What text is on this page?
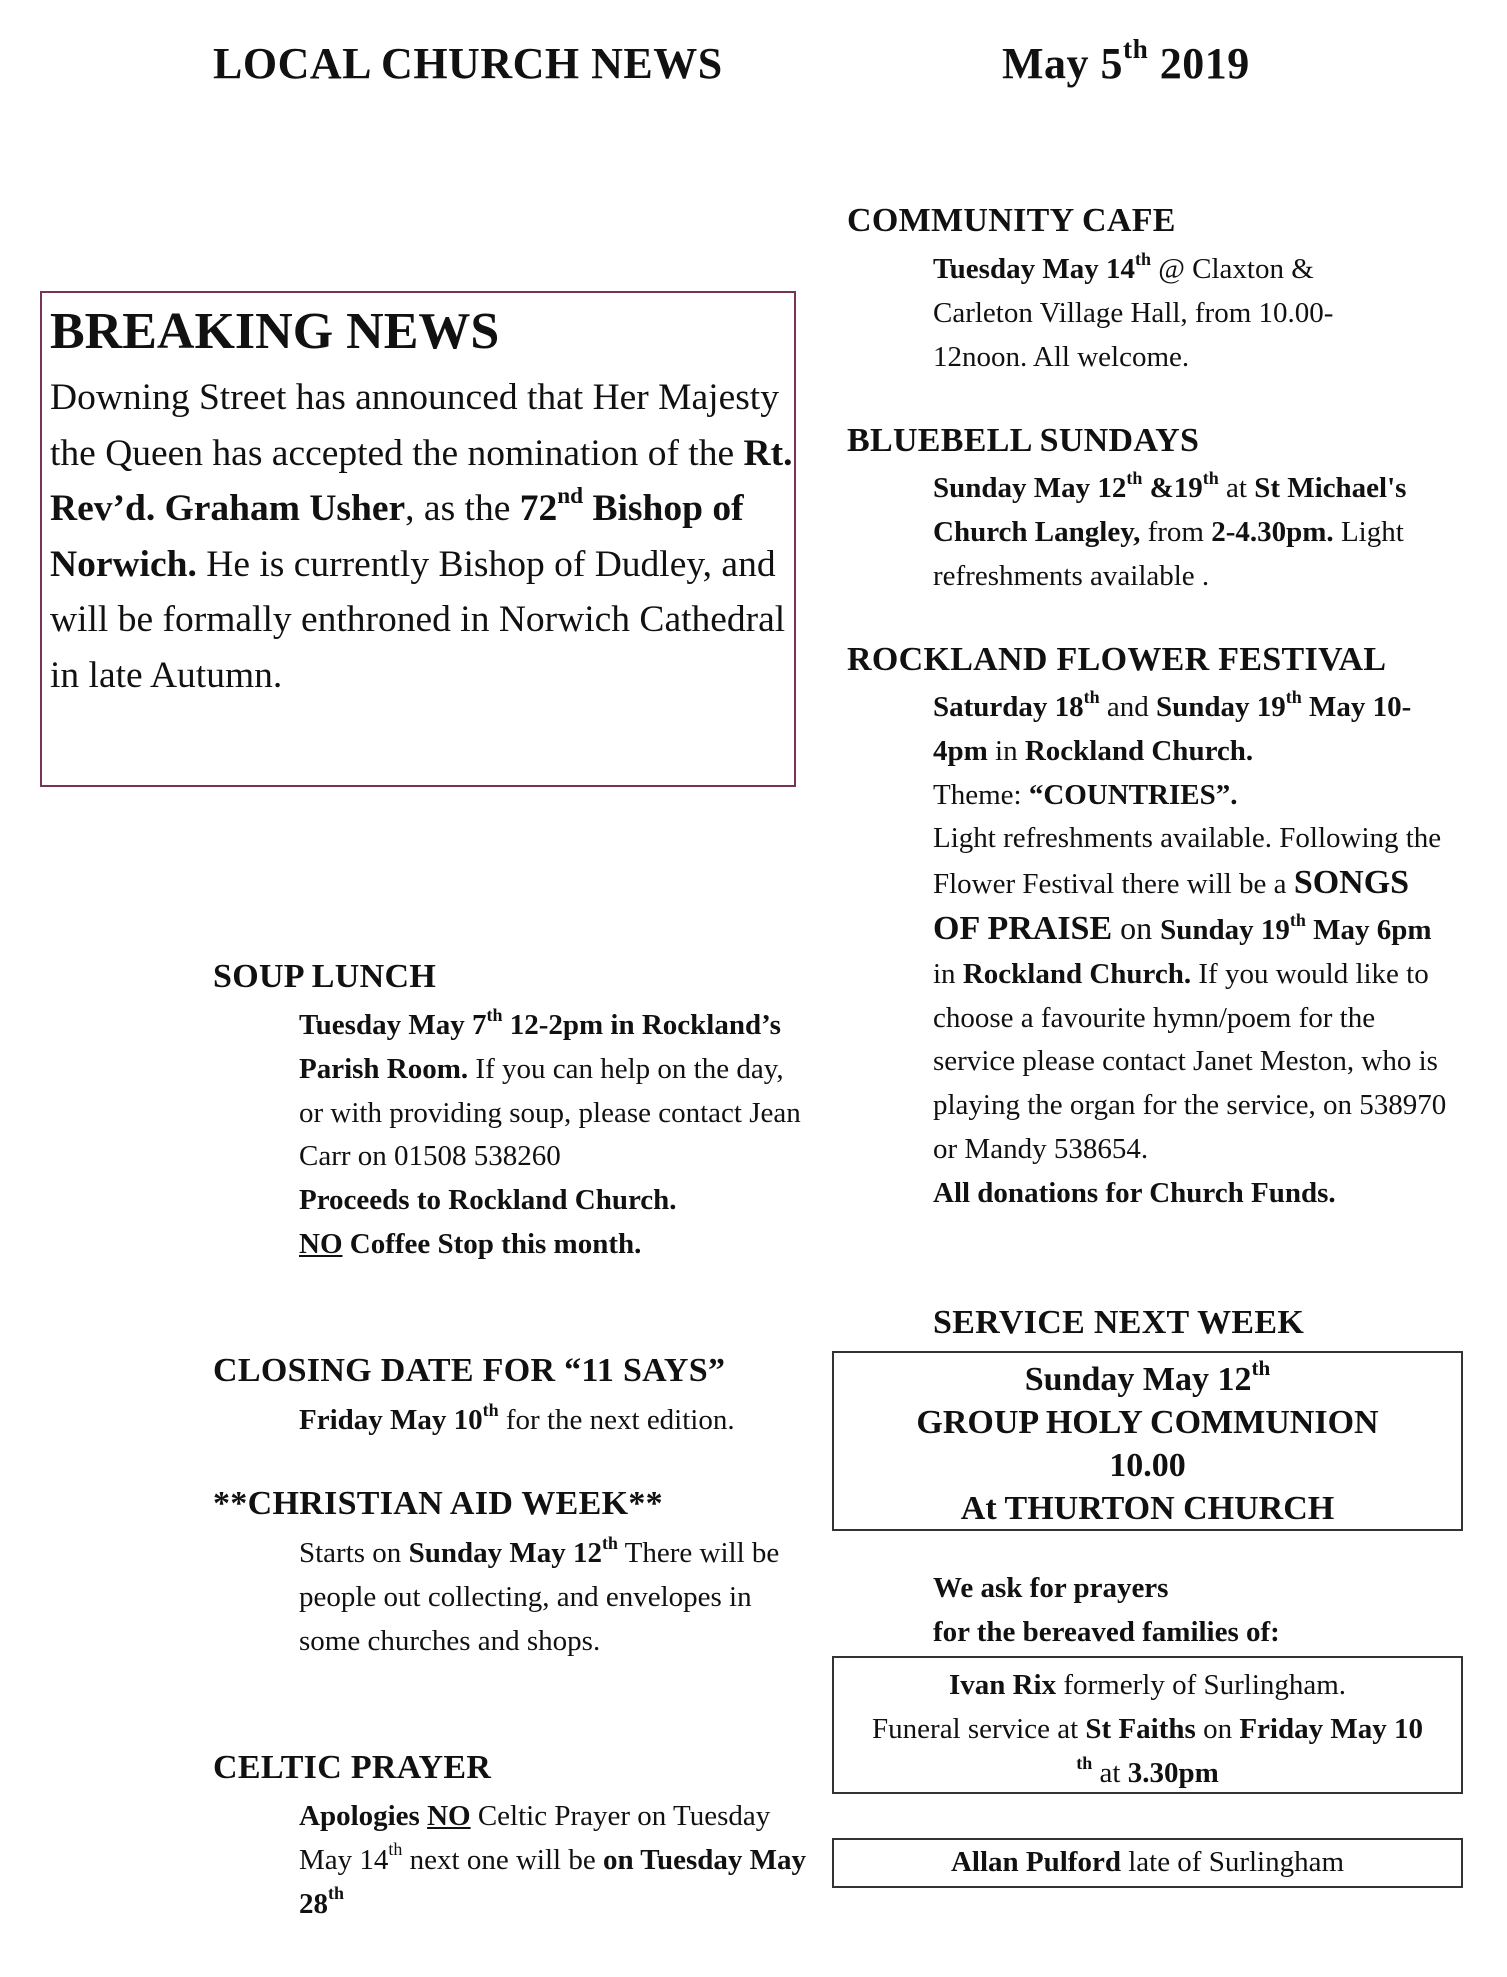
LOCAL CHURCH NEWS	May 5th 2019
BREAKING NEWS
Downing Street has announced that Her Majesty the Queen has accepted the nomination of the Rt. Rev’d. Graham Usher, as the 72nd Bishop of Norwich. He is currently Bishop of Dudley, and will be formally enthroned in Norwich Cathedral in late Autumn.
SOUP LUNCH
Tuesday May 7th 12-2pm in Rockland’s Parish Room. If you can help on the day, or with providing soup, please contact Jean Carr on 01508 538260
Proceeds to Rockland Church.
NO Coffee Stop this month.
CLOSING DATE FOR “11 SAYS”
Friday May 10th for the next edition.
**CHRISTIAN AID WEEK**
Starts on Sunday May 12th There will be people out collecting, and envelopes in some churches and shops.
CELTIC PRAYER
Apologies NO Celtic Prayer on Tuesday May 14th next one will be on Tuesday May 28th
COMMUNITY CAFE
Tuesday May 14th @ Claxton & Carleton Village Hall, from 10.00-12noon. All welcome.
BLUEBELL SUNDAYS
Sunday May 12th &19th at St Michael's Church Langley, from 2-4.30pm. Light refreshments available .
ROCKLAND FLOWER FESTIVAL
Saturday 18th and Sunday 19th May 10-4pm in Rockland Church.
Theme: “COUNTRIES”.
Light refreshments available. Following the Flower Festival there will be a SONGS OF PRAISE on Sunday 19th May 6pm in Rockland Church. If you would like to choose a favourite hymn/poem for the service please contact Janet Meston, who is playing the organ for the service, on 538970 or Mandy 538654.
All donations for Church Funds.
SERVICE NEXT WEEK
Sunday May 12th
GROUP HOLY COMMUNION
10.00
At THURTON CHURCH
We ask for prayers
for the bereaved families of:
Ivan Rix formerly of Surlingham.
Funeral service at St Faiths on Friday May 10
$^{th}$ at 3.30pm
Allan Pulford late of Surlingham
